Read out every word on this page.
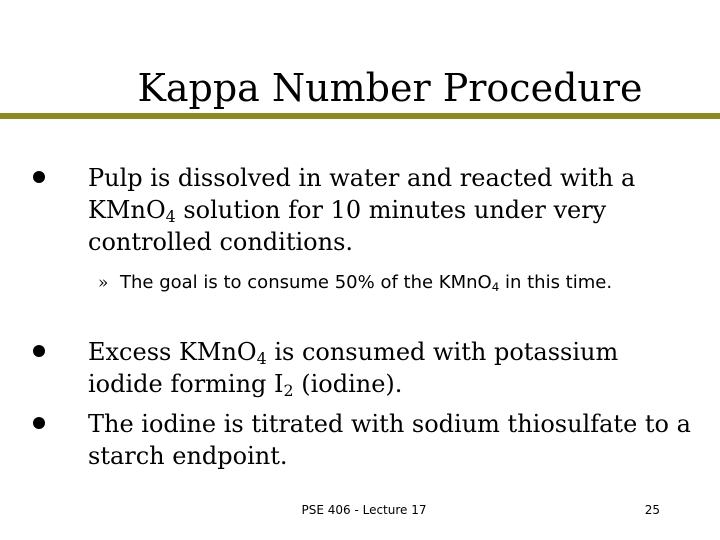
Kappa Number Procedure
Pulp is dissolved in water and reacted with a KMnO$_4$ solution for 10 minutes under very controlled conditions.
» The goal is to consume 50% of the KMnO$_4$ in this time.
Excess KMnO$_4$ is consumed with potassium iodide forming $I_2$ (iodine).
The iodine is titrated with sodium thiosulfate to a starch endpoint.
PSE 406 - Lecture 17	25
